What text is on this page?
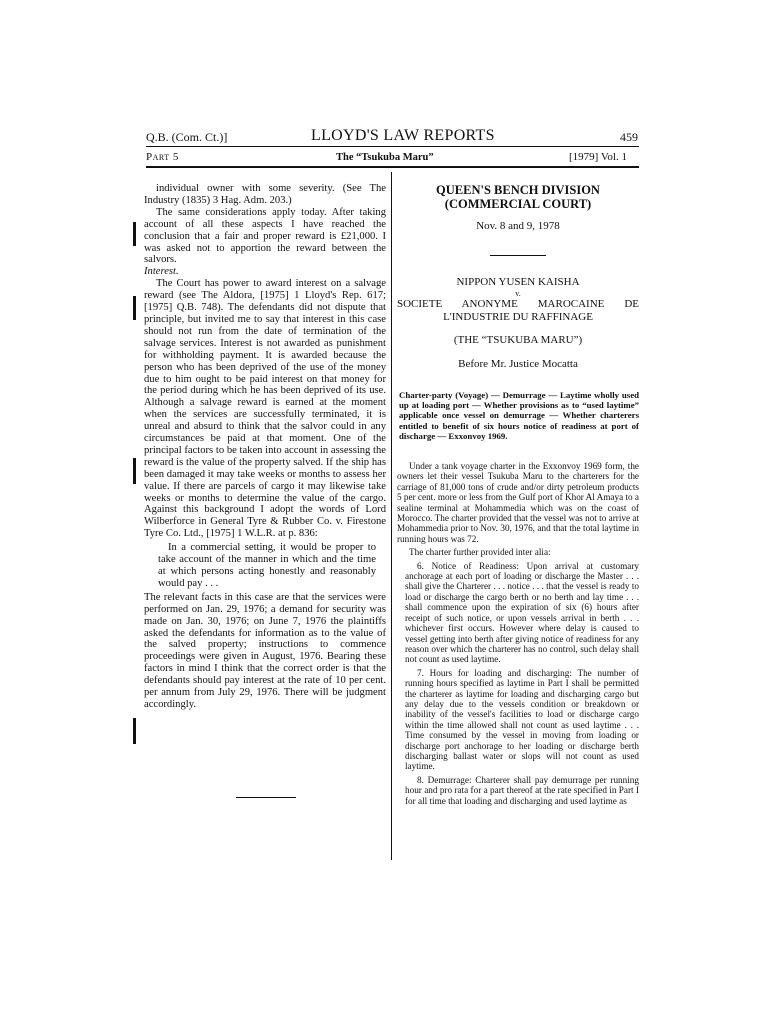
Q.B. (Com. Ct.)]	LLOYD'S LAW REPORTS	459
Part 5	The “Tsukuba Maru”	[1979] Vol. 1

individual owner with some severity. (See The Industry (1835) 3 Hag. Adm. 203.)

The same considerations apply today. After taking account of all these aspects I have reached the conclusion that a fair and proper reward is £21,000. I was asked not to apportion the reward between the salvors.

Interest.

The Court has power to award interest on a salvage reward (see The Aldora, [1975] 1 Lloyd's Rep. 617; [1975] Q.B. 748). The defendants did not dispute that principle, but invited me to say that interest in this case should not run from the date of termination of the salvage services. Interest is not awarded as punishment for withholding payment. It is awarded because the person who has been deprived of the use of the money due to him ought to be paid interest on that money for the period during which he has been deprived of its use. Although a salvage reward is earned at the moment when the services are successfully terminated, it is unreal and absurd to think that the salvor could in any circumstances be paid at that moment. One of the principal factors to be taken into account in assessing the reward is the value of the property salved. If the ship has been damaged it may take weeks or months to assess her value. If there are parcels of cargo it may likewise take weeks or months to determine the value of the cargo. Against this background I adopt the words of Lord Wilberforce in General Tyre & Rubber Co. v. Firestone Tyre Co. Ltd., [1975] 1 W.L.R. at p. 836:

In a commercial setting, it would be proper to take account of the manner in which and the time at which persons acting honestly and reasonably would pay . . .

The relevant facts in this case are that the services were performed on Jan. 29, 1976; a demand for security was made on Jan. 30, 1976; on June 7, 1976 the plaintiffs asked the defendants for information as to the value of the salved property; instructions to commence proceedings were given in August, 1976. Bearing these factors in mind I think that the correct order is that the defendants should pay interest at the rate of 10 per cent. per annum from July 29, 1976. There will be judgment accordingly.

QUEEN'S BENCH DIVISION
(COMMERCIAL COURT)
Nov. 8 and 9, 1978
NIPPON YUSEN KAISHA
v.
SOCIETE ANONYME MAROCAINE DE
L'INDUSTRIE DU RAFFINAGE
(THE “TSUKUBA MARU”)
Before Mr. Justice Mocatta

Charter-party (Voyage) — Demurrage — Laytime wholly used up at loading port — Whether provisions as to “used laytime” applicable once vessel on demurrage — Whether charterers entitled to benefit of six hours notice of readiness at port of discharge — Exxonvoy 1969.

Under a tank voyage charter in the Exxonvoy 1969 form, the owners let their vessel Tsukuba Maru to the charterers for the carriage of 81,000 tons of crude and/or dirty petroleum products 5 per cent. more or less from the Gulf port of Khor Al Amaya to a sealine terminal at Mohammedia which was on the coast of Morocco. The charter provided that the vessel was not to arrive at Mohammedia prior to Nov. 30, 1976, and that the total laytime in running hours was 72.

The charter further provided inter alia:

6. Notice of Readiness: Upon arrival at customary anchorage at each port of loading or discharge the Master . . . shall give the Charterer . . . notice . . . that the vessel is ready to load or discharge the cargo berth or no berth and lay time . . . shall commence upon the expiration of six (6) hours after receipt of such notice, or upon vessels arrival in berth . . . whichever first occurs. However where delay is caused to vessel getting into berth after giving notice of readiness for any reason over which the charterer has no control, such delay shall not count as used laytime.

7. Hours for loading and discharging: The number of running hours specified as laytime in Part I shall be permitted the charterer as laytime for loading and discharging cargo but any delay due to the vessels condition or breakdown or inability of the vessel's facilities to load or discharge cargo within the time allowed shall not count as used laytime . . . Time consumed by the vessel in moving from loading or discharge port anchorage to her loading or discharge berth discharging ballast water or slops will not count as used laytime.

8. Demurrage: Charterer shall pay demurrage per running hour and pro rata for a part thereof at the rate specified in Part I for all time that loading and discharging and used laytime as
